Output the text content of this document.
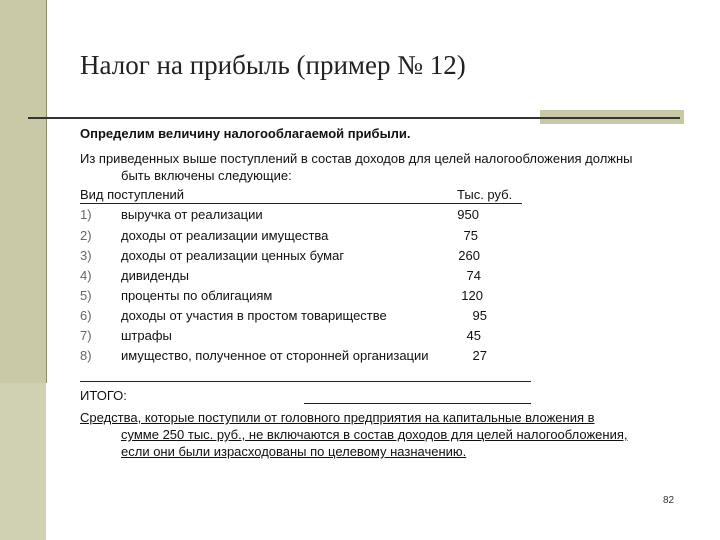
Налог на прибыль (пример № 12)
Определим величину налогооблагаемой прибыли.
Из приведенных выше поступлений в состав доходов для целей налогообложения должны
быть включены следующие:
Вид поступлений	Тыс. руб.
1) выручка от реализации	950
2) доходы от реализации имущества	75
3) доходы от реализации ценных бумаг	260
4) дивиденды	74
5) проценты по облигациям	120
6) доходы от участия в простом товариществе	95
7) штрафы	45
8) имущество, полученное от сторонней организации	27
ИТОГО:
Средства, которые поступили от головного предприятия на капитальные вложения в
сумме 250 тыс. руб., не включаются в состав доходов для целей налогообложения,
если они были израсходованы по целевому назначению.
82
